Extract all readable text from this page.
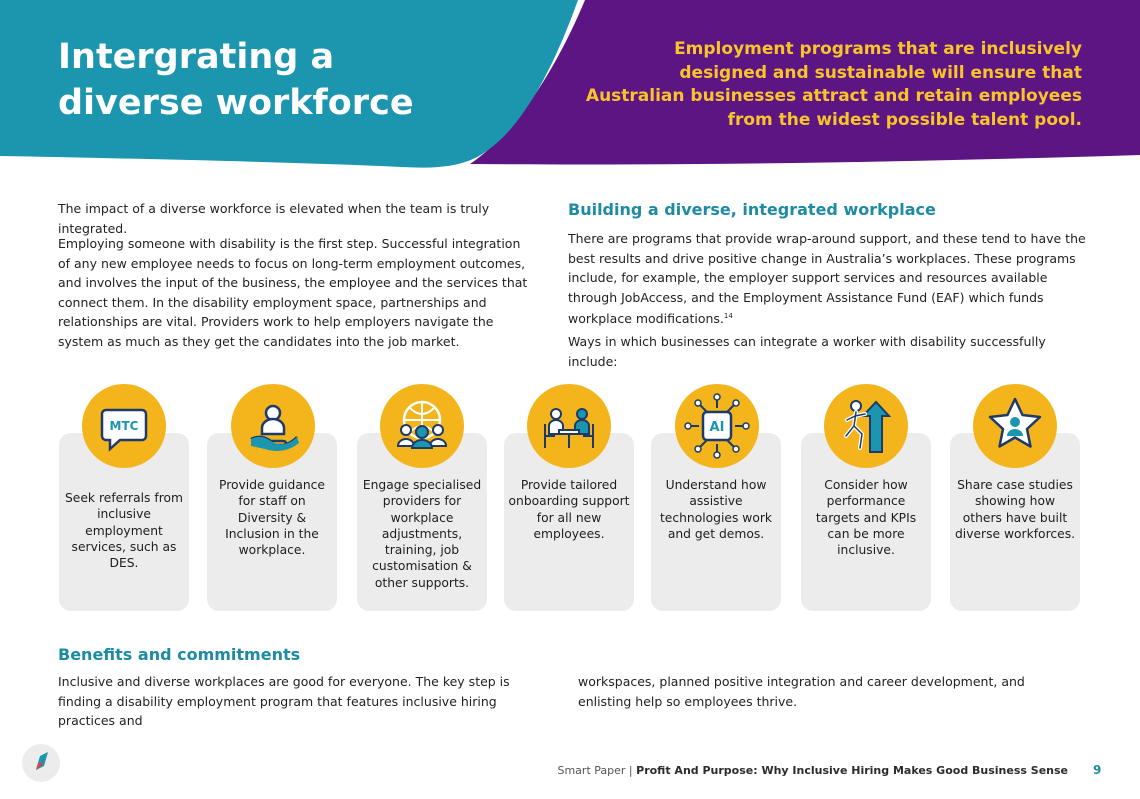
Intergrating a diverse workforce

Employment programs that are inclusively designed and sustainable will ensure that Australian businesses attract and retain employees from the widest possible talent pool.

The impact of a diverse workforce is elevated when the team is truly integrated.

Employing someone with disability is the first step. Successful integration of any new employee needs to focus on long-term employment outcomes, and involves the input of the business, the employee and the services that connect them. In the disability employment space, partnerships and relationships are vital. Providers work to help employers navigate the system as much as they get the candidates into the job market.

Building a diverse, integrated workplace

There are programs that provide wrap-around support, and these tend to have the best results and drive positive change in Australia’s workplaces. These programs include, for example, the employer support services and resources available through JobAccess, and the Employment Assistance Fund (EAF) which funds workplace modifications.$^{14}$

Ways in which businesses can integrate a worker with disability successfully include:

Seek referrals from inclusive employment services, such as DES.
Provide guidance for staff on Diversity & Inclusion in the workplace.
Engage specialised providers for workplace adjustments, training, job customisation & other supports.
Provide tailored onboarding support for all new employees.
Understand how assistive technologies work and get demos.
Consider how performance targets and KPIs can be more inclusive.
Share case studies showing how others have built diverse workforces.
MTC	AI
Benefits and commitments

Inclusive and diverse workplaces are good for everyone. The key step is finding a disability employment program that features inclusive hiring practices and

workspaces, planned positive integration and career development, and enlisting help so employees thrive.

Smart Paper | Profit And Purpose: Why Inclusive Hiring Makes Good Business Sense 9
